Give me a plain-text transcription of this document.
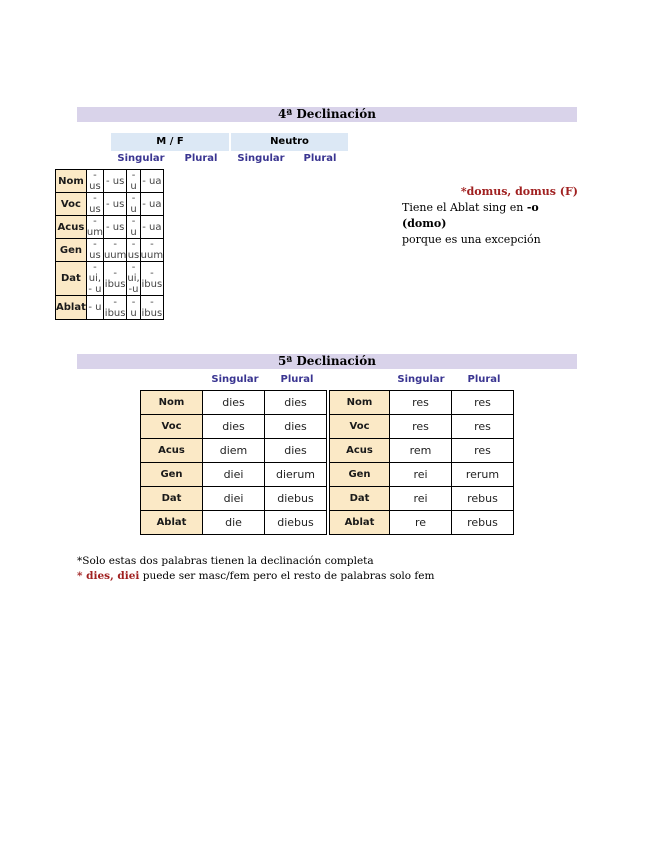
4ª Declinación
M / F	Neutro
Singular	Plural	Singular	Plural
Nom	- us	- us	- u	- ua
Voc	- us	- us	- u	- ua
Acus	- um	- us	- u	- ua
Gen	- us	- uum	- us	- uum
Dat	- ui, - u	- ibus	- ui, -u	- ibus
Ablat	- u	- ibus	- u	- ibus
*domus, domus (F)
Tiene el Ablat sing en -o (domo)
porque es una excepción
5ª Declinación
Singular	Plural	Singular	Plural
Nom	dies	dies
Voc	dies	dies
Acus	diem	dies
Gen	diei	dierum
Dat	diei	diebus
Ablat	die	diebus
Nom	res	res
Voc	res	res
Acus	rem	res
Gen	rei	rerum
Dat	rei	rebus
Ablat	re	rebus
*Solo estas dos palabras tienen la declinación completa
* dies, diei puede ser masc/fem pero el resto de palabras solo fem
